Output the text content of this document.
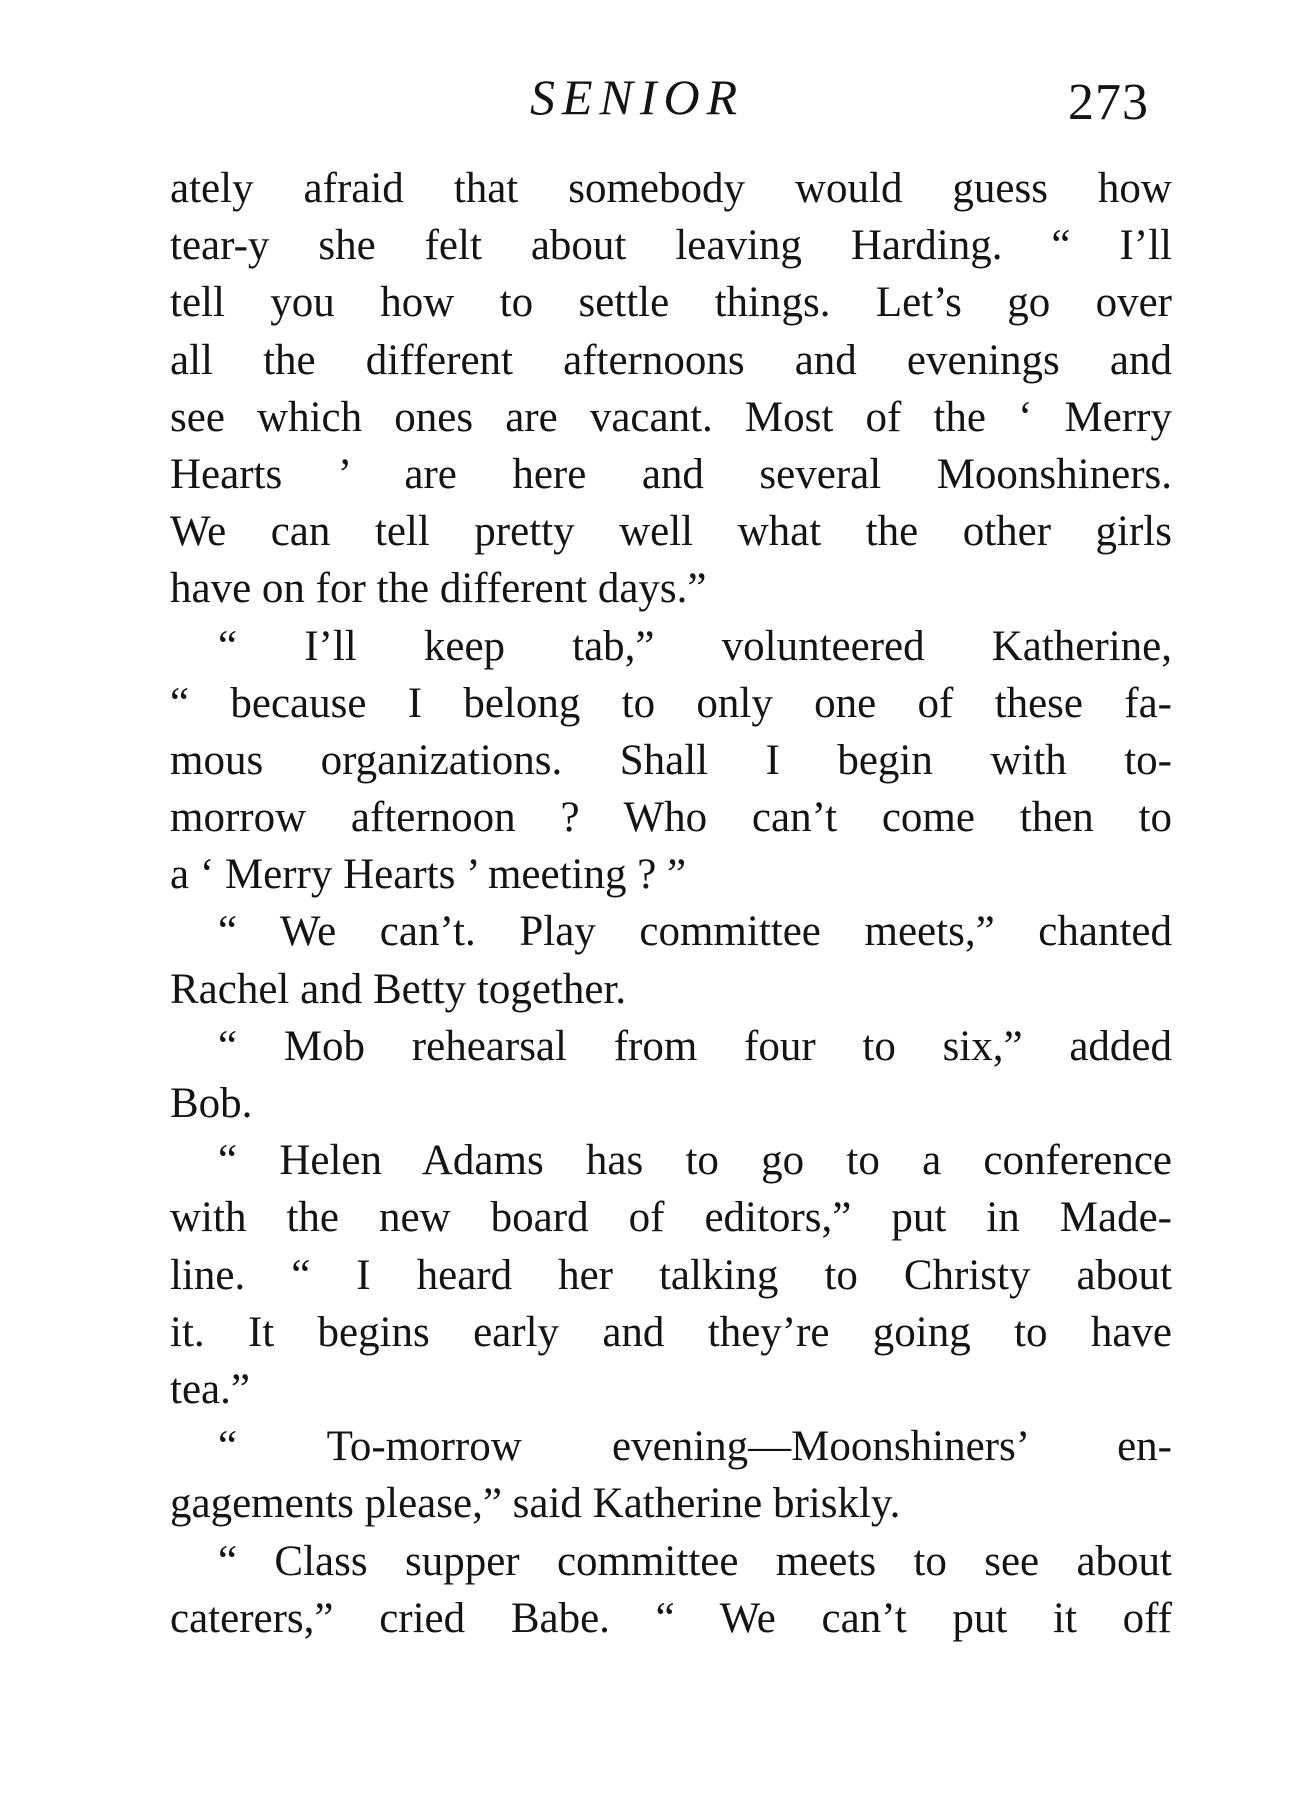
SENIOR	273
ately afraid that somebody would guess how
tear-y she felt about leaving Harding. “ I’ll
tell you how to settle things. Let’s go over
all the different afternoons and evenings and
see which ones are vacant. Most of the ‘ Merry
Hearts ’ are here and several Moonshiners.
We can tell pretty well what the other girls
have on for the different days.”
“ I’ll keep tab,” volunteered Katherine,
“ because I belong to only one of these fa-
mous organizations. Shall I begin with to-
morrow afternoon ? Who can’t come then to
a ‘ Merry Hearts ’ meeting ? ”
“ We can’t. Play committee meets,” chanted
Rachel and Betty together.
“ Mob rehearsal from four to six,” added
Bob.
“ Helen Adams has to go to a conference
with the new board of editors,” put in Made-
line. “ I heard her talking to Christy about
it. It begins early and they’re going to have
tea.”
“ To-morrow evening—Moonshiners’ en-
gagements please,” said Katherine briskly.
“ Class supper committee meets to see about
caterers,” cried Babe. “ We can’t put it off
